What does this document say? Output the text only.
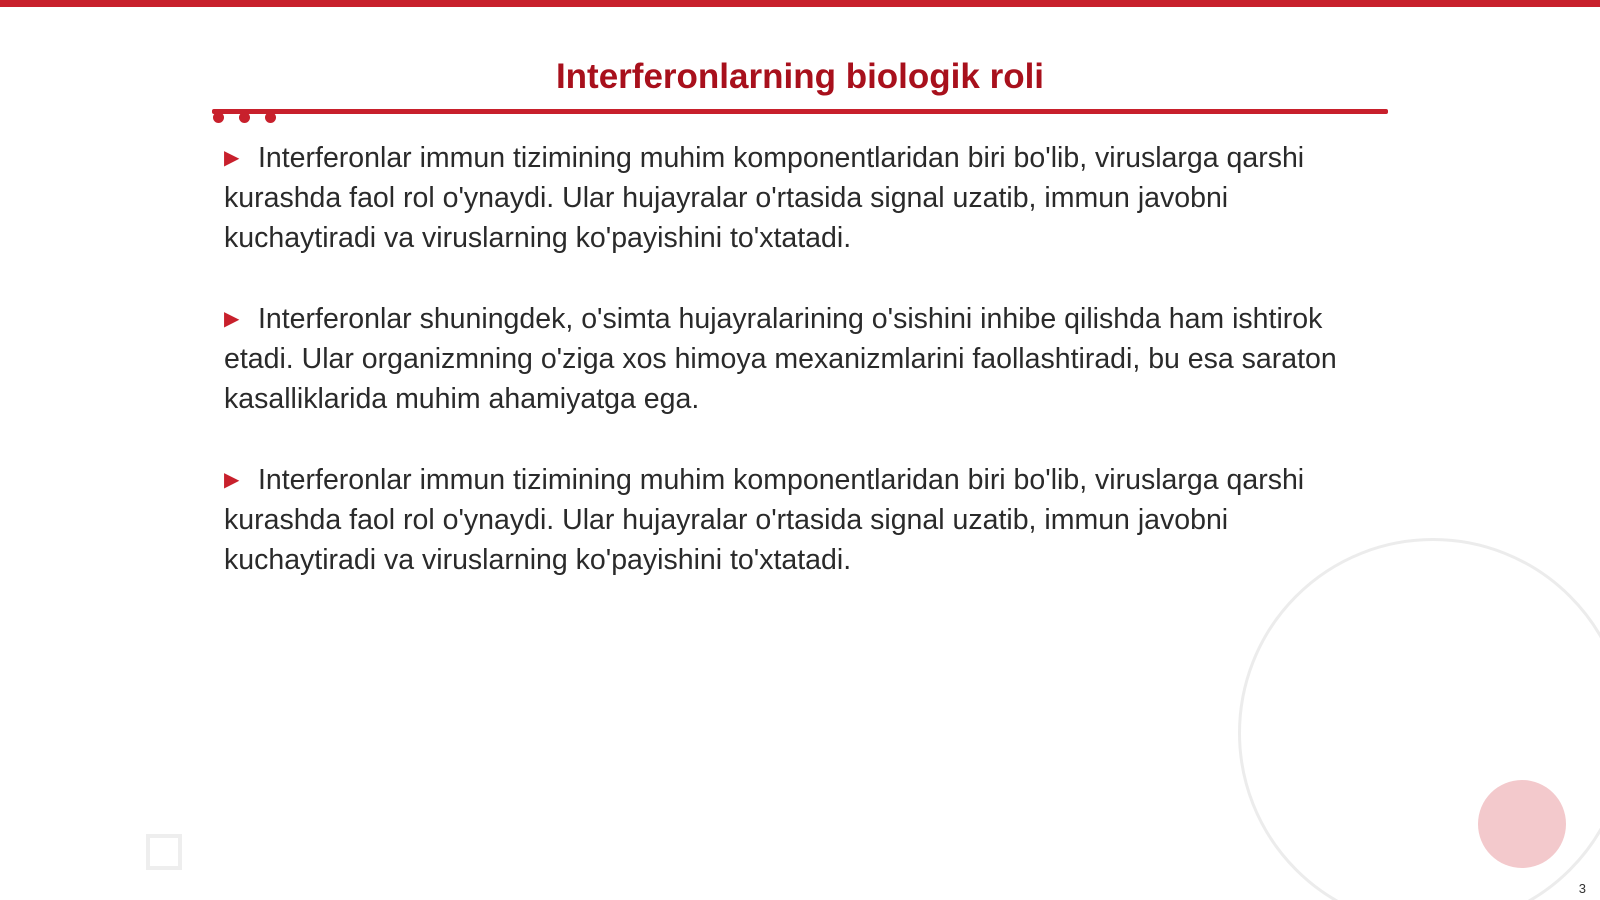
Interferonlarning biologik roli
▶ Interferonlar immun tizimining muhim komponentlaridan biri bo'lib, viruslarga qarshi kurashda faol rol o'ynaydi. Ular hujayralar o'rtasida signal uzatib, immun javobni kuchaytiradi va viruslarning ko'payishini to'xtatadi.
▶ Interferonlar shuningdek, o'simta hujayralarining o'sishini inhibe qilishda ham ishtirok etadi. Ular organizmning o'ziga xos himoya mexanizmlarini faollashtiradi, bu esa saraton kasalliklarida muhim ahamiyatga ega.
▶ Interferonlar immun tizimining muhim komponentlaridan biri bo'lib, viruslarga qarshi kurashda faol rol o'ynaydi. Ular hujayralar o'rtasida signal uzatib, immun javobni kuchaytiradi va viruslarning ko'payishini to'xtatadi.
3
